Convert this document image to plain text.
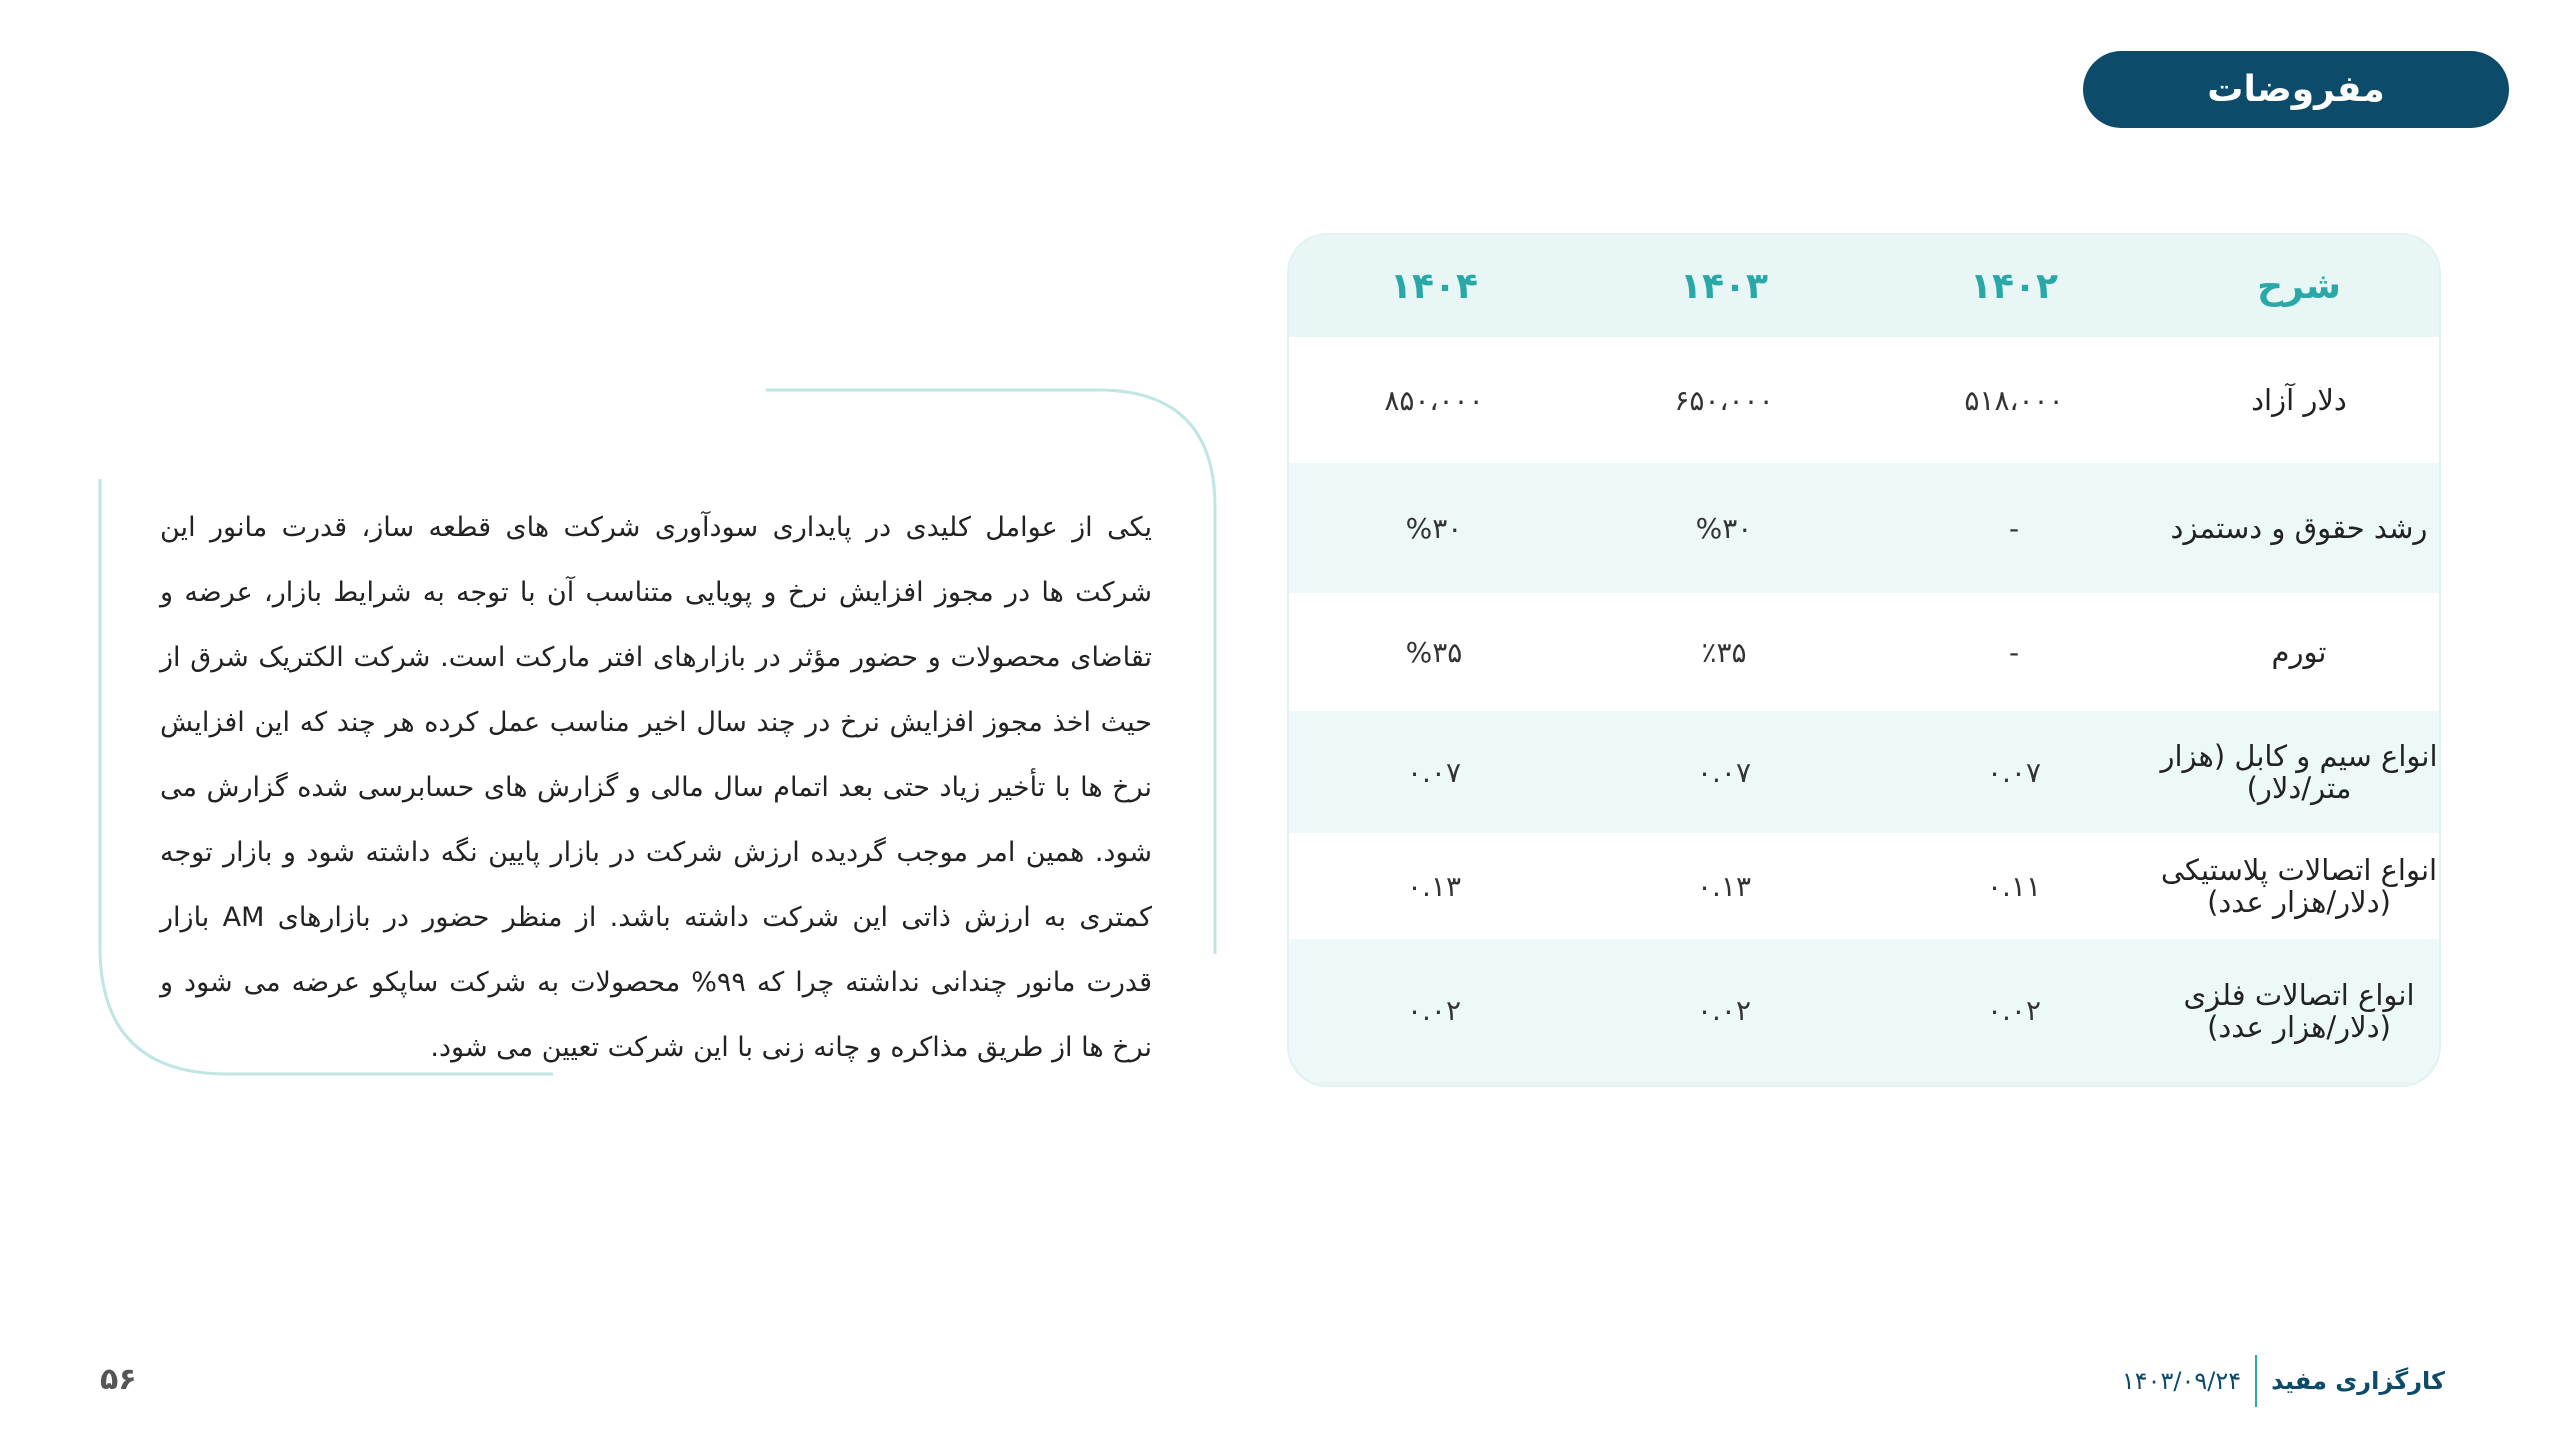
مفروضات
شرح	۱۴۰۲	۱۴۰۳	۱۴۰۴
دلار آزاد	۵۱۸،۰۰۰	۶۵۰،۰۰۰	۸۵۰،۰۰۰
رشد حقوق و دستمزد	-	%۳۰	%۳۰
تورم	-	٪۳۵	%۳۵
انواع سیم و کابل (هزار متر/دلار)	۰.۰۷	۰.۰۷	۰.۰۷
انواع اتصالات پلاستیکی (دلار/هزار عدد)	۰.۱۱	۰.۱۳	۰.۱۳
انواع اتصالات فلزی (دلار/هزار عدد)	۰.۰۲	۰.۰۲	۰.۰۲
یکی از عوامل کلیدی در پایداری سودآوری شرکت های قطعه ساز، قدرت مانور این شرکت ها در مجوز افزایش نرخ و پویایی متناسب آن با توجه به شرایط بازار، عرضه و تقاضای محصولات و حضور مؤثر در بازارهای افتر مارکت است. شرکت الکتریک شرق از حیث اخذ مجوز افزایش نرخ در چند سال اخیر مناسب عمل کرده هر چند که این افزایش نرخ ها با تأخیر زیاد حتی بعد اتمام سال مالی و گزارش های حسابرسی شده گزارش می شود. همین امر موجب گردیده ارزش شرکت در بازار پایین نگه داشته شود و بازار توجه کمتری به ارزش ذاتی این شرکت داشته باشد. از منظر حضور در بازارهای AM بازار قدرت مانور چندانی نداشته چرا که ۹۹% محصولات به شرکت ساپکو عرضه می شود و نرخ ها از طریق مذاکره و چانه زنی با این شرکت تعیین می شود.
کارگزاری مفید
۱۴۰۳/۰۹/۲۴
۵۶
